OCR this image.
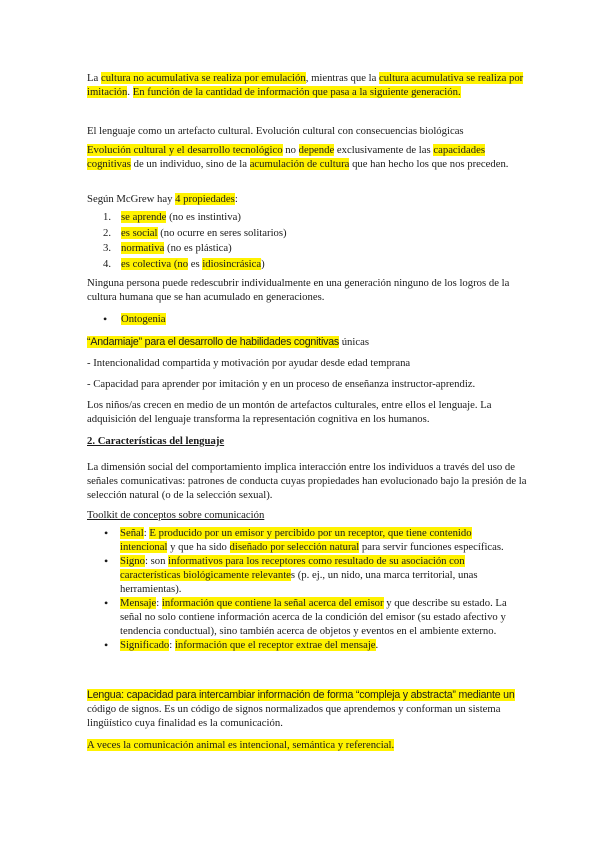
La cultura no acumulativa se realiza por emulación, mientras que la cultura acumulativa se realiza por imitación. En función de la cantidad de información que pasa a la siguiente generación.

El lenguaje como un artefacto cultural. Evolución cultural con consecuencias biológicas

Evolución cultural y el desarrollo tecnológico no depende exclusivamente de las capacidades cognitivas de un individuo, sino de la acumulación de cultura que han hecho los que nos preceden.

Según McGrew hay 4 propiedades:

1. se aprende (no es instintiva)
2. es social (no ocurre en seres solitarios)
3. normativa (no es plástica)
4. es colectiva (no es idiosincrásica)

Ninguna persona puede redescubrir individualmente en una generación ninguno de los logros de la cultura humana que se han acumulado en generaciones.

• Ontogenia

“Andamiaje” para el desarrollo de habilidades cognitivas únicas

- Intencionalidad compartida y motivación por ayudar desde edad temprana

- Capacidad para aprender por imitación y en un proceso de enseñanza instructor-aprendiz.

Los niños/as crecen en medio de un montón de artefactos culturales, entre ellos el lenguaje. La adquisición del lenguaje transforma la representación cognitiva en los humanos.

2. Características del lenguaje

La dimensión social del comportamiento implica interacción entre los individuos a través del uso de señales comunicativas: patrones de conducta cuyas propiedades han evolucionado bajo la presión de la selección natural (o de la selección sexual).

Toolkit de conceptos sobre comunicación

• Señal: E producido por un emisor y percibido por un receptor, que tiene contenido intencional y que ha sido diseñado por selección natural para servir funciones específicas.
• Signo: son informativos para los receptores como resultado de su asociación con características biológicamente relevantes (p. ej., un nido, una marca territorial, unas herramientas).
• Mensaje: información que contiene la señal acerca del emisor y que describe su estado. La señal no solo contiene información acerca de la condición del emisor (su estado afectivo y tendencia conductual), sino también acerca de objetos y eventos en el ambiente externo.
• Significado: información que el receptor extrae del mensaje.

Lengua: capacidad para intercambiar información de forma “compleja y abstracta” mediante un código de signos. Es un código de signos normalizados que aprendemos y conforman un sistema lingüístico cuya finalidad es la comunicación.

A veces la comunicación animal es intencional, semántica y referencial.
